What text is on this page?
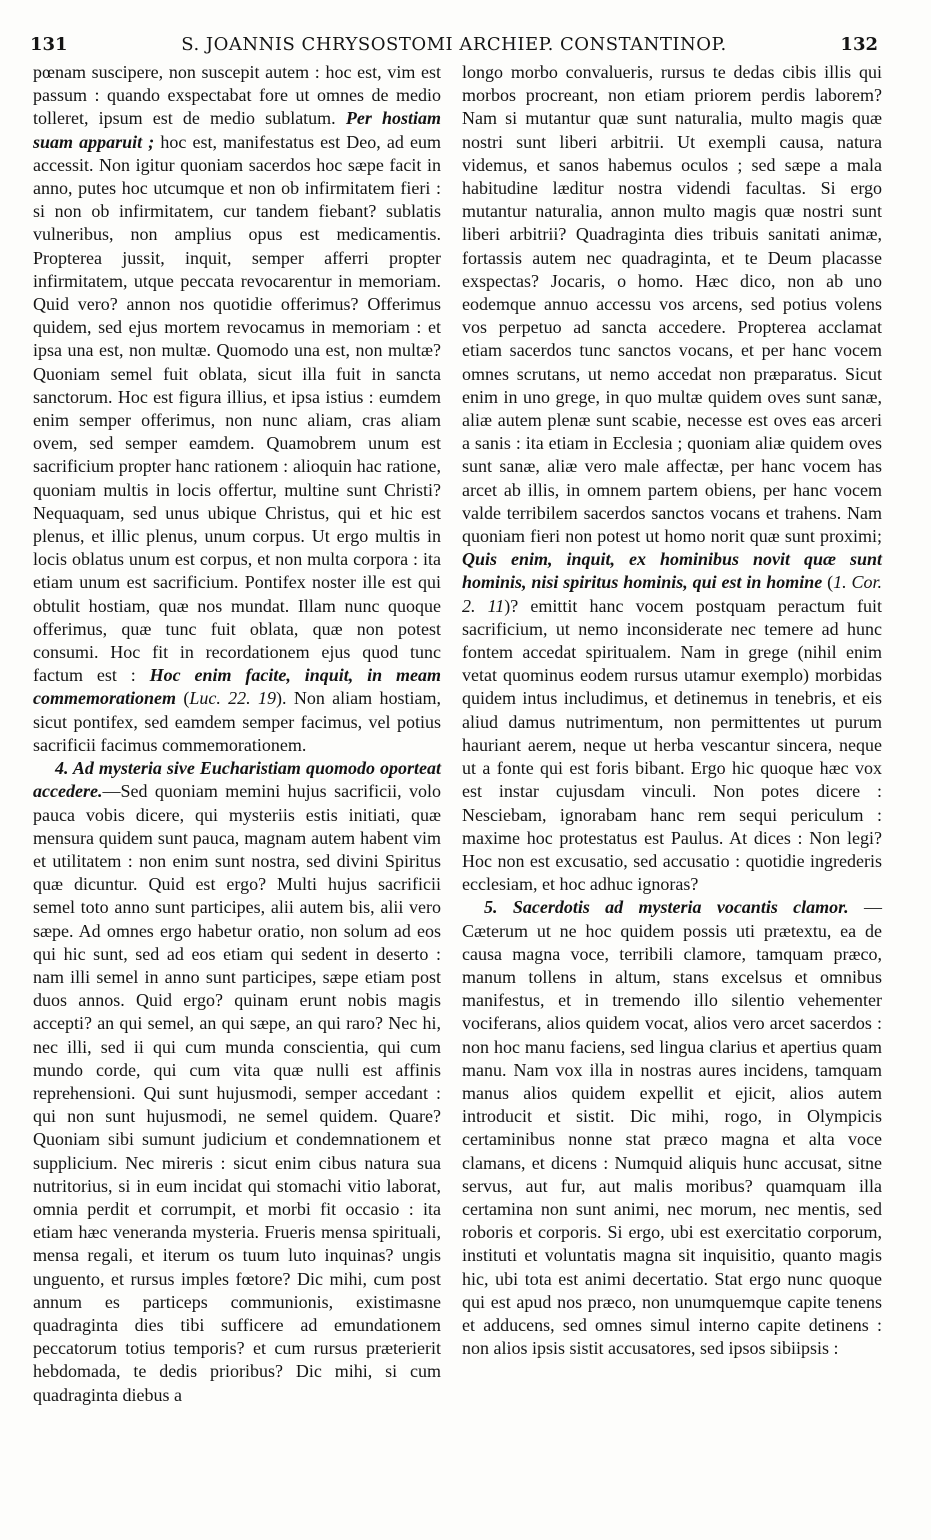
131	S. JOANNIS CHRYSOSTOMI ARCHIEP. CONSTANTINOP.	132

pœnam suscipere, non suscepit autem : hoc est, vim est passum : quando exspectabat fore ut omnes de medio tolleret, ipsum est de medio sublatum. Per hostiam suam apparuit ; hoc est, manifestatus est Deo, ad eum accessit. Non igitur quoniam sacerdos hoc sæpe facit in anno, putes hoc utcumque et non ob infirmitatem fieri : si non ob infirmitatem, cur tandem fiebant? sublatis vulneribus, non amplius opus est medicamentis. Propterea jussit, inquit, semper afferri propter infirmitatem, utque peccata revocarentur in memoriam. Quid vero? annon nos quotidie offerimus? Offerimus quidem, sed ejus mortem revocamus in memoriam : et ipsa una est, non multæ. Quomodo una est, non multæ? Quoniam semel fuit oblata, sicut illa fuit in sancta sanctorum. Hoc est figura illius, et ipsa istius : eumdem enim semper offerimus, non nunc aliam, cras aliam ovem, sed semper eamdem. Quamobrem unum est sacrificium propter hanc rationem : alioquin hac ratione, quoniam multis in locis offertur, multine sunt Christi? Nequaquam, sed unus ubique Christus, qui et hic est plenus, et illic plenus, unum corpus. Ut ergo multis in locis oblatus unum est corpus, et non multa corpora : ita etiam unum est sacrificium. Pontifex noster ille est qui obtulit hostiam, quæ nos mundat. Illam nunc quoque offerimus, quæ tunc fuit oblata, quæ non potest consumi. Hoc fit in recordationem ejus quod tunc factum est : Hoc enim facite, inquit, in meam commemorationem (Luc. 22. 19). Non aliam hostiam, sicut pontifex, sed eamdem semper facimus, vel potius sacrificii facimus commemorationem.

4. Ad mysteria sive Eucharistiam quomodo oporteat accedere.—Sed quoniam memini hujus sacrificii, volo pauca vobis dicere, qui mysteriis estis initiati, quæ mensura quidem sunt pauca, magnam autem habent vim et utilitatem : non enim sunt nostra, sed divini Spiritus quæ dicuntur. Quid est ergo? Multi hujus sacrificii semel toto anno sunt participes, alii autem bis, alii vero sæpe. Ad omnes ergo habetur oratio, non solum ad eos qui hic sunt, sed ad eos etiam qui sedent in deserto : nam illi semel in anno sunt participes, sæpe etiam post duos annos. Quid ergo? quinam erunt nobis magis accepti? an qui semel, an qui sæpe, an qui raro? Nec hi, nec illi, sed ii qui cum munda conscientia, qui cum mundo corde, qui cum vita quæ nulli est affinis reprehensioni. Qui sunt hujusmodi, semper accedant : qui non sunt hujusmodi, ne semel quidem. Quare? Quoniam sibi sumunt judicium et condemnationem et supplicium. Nec mireris : sicut enim cibus natura sua nutritorius, si in eum incidat qui stomachi vitio laborat, omnia perdit et corrumpit, et morbi fit occasio : ita etiam hæc veneranda mysteria. Frueris mensa spirituali, mensa regali, et iterum os tuum luto inquinas? ungis unguento, et rursus imples fœtore? Dic mihi, cum post annum es particeps communionis, existimasne quadraginta dies tibi sufficere ad emundationem peccatorum totius temporis? et cum rursus præterierit hebdomada, te dedis prioribus? Dic mihi, si cum quadraginta diebus a

longo morbo convalueris, rursus te dedas cibis illis qui morbos procreant, non etiam priorem perdis laborem? Nam si mutantur quæ sunt naturalia, multo magis quæ nostri sunt liberi arbitrii. Ut exempli causa, natura videmus, et sanos habemus oculos ; sed sæpe a mala habitudine læditur nostra videndi facultas. Si ergo mutantur naturalia, annon multo magis quæ nostri sunt liberi arbitrii? Quadraginta dies tribuis sanitati animæ, fortassis autem nec quadraginta, et te Deum placasse exspectas? Jocaris, o homo. Hæc dico, non ab uno eodemque annuo accessu vos arcens, sed potius volens vos perpetuo ad sancta accedere. Propterea acclamat etiam sacerdos tunc sanctos vocans, et per hanc vocem omnes scrutans, ut nemo accedat non præparatus. Sicut enim in uno grege, in quo multæ quidem oves sunt sanæ, aliæ autem plenæ sunt scabie, necesse est oves eas arceri a sanis : ita etiam in Ecclesia ; quoniam aliæ quidem oves sunt sanæ, aliæ vero male affectæ, per hanc vocem has arcet ab illis, in omnem partem obiens, per hanc vocem valde terribilem sacerdos sanctos vocans et trahens. Nam quoniam fieri non potest ut homo norit quæ sunt proximi; Quis enim, inquit, ex hominibus novit quæ sunt hominis, nisi spiritus hominis, qui est in homine (1. Cor. 2. 11)? emittit hanc vocem postquam peractum fuit sacrificium, ut nemo inconsiderate nec temere ad hunc fontem accedat spiritualem. Nam in grege (nihil enim vetat quominus eodem rursus utamur exemplo) morbidas quidem intus includimus, et detinemus in tenebris, et eis aliud damus nutrimentum, non permittentes ut purum hauriant aerem, neque ut herba vescantur sincera, neque ut a fonte qui est foris bibant. Ergo hic quoque hæc vox est instar cujusdam vinculi. Non potes dicere : Nesciebam, ignorabam hanc rem sequi periculum : maxime hoc protestatus est Paulus. At dices : Non legi? Hoc non est excusatio, sed accusatio : quotidie ingrederis ecclesiam, et hoc adhuc ignoras?

5. Sacerdotis ad mysteria vocantis clamor. —Cæterum ut ne hoc quidem possis uti prætextu, ea de causa magna voce, terribili clamore, tamquam præco, manum tollens in altum, stans excelsus et omnibus manifestus, et in tremendo illo silentio vehementer vociferans, alios quidem vocat, alios vero arcet sacerdos : non hoc manu faciens, sed lingua clarius et apertius quam manu. Nam vox illa in nostras aures incidens, tamquam manus alios quidem expellit et ejicit, alios autem introducit et sistit. Dic mihi, rogo, in Olympicis certaminibus nonne stat præco magna et alta voce clamans, et dicens : Numquid aliquis hunc accusat, sitne servus, aut fur, aut malis moribus? quamquam illa certamina non sunt animi, nec morum, nec mentis, sed roboris et corporis. Si ergo, ubi est exercitatio corporum, instituti et voluntatis magna sit inquisitio, quanto magis hic, ubi tota est animi decertatio. Stat ergo nunc quoque qui est apud nos præco, non unumquemque capite tenens et adducens, sed omnes simul interno capite detinens : non alios ipsis sistit accusatores, sed ipsos sibiipsis :
